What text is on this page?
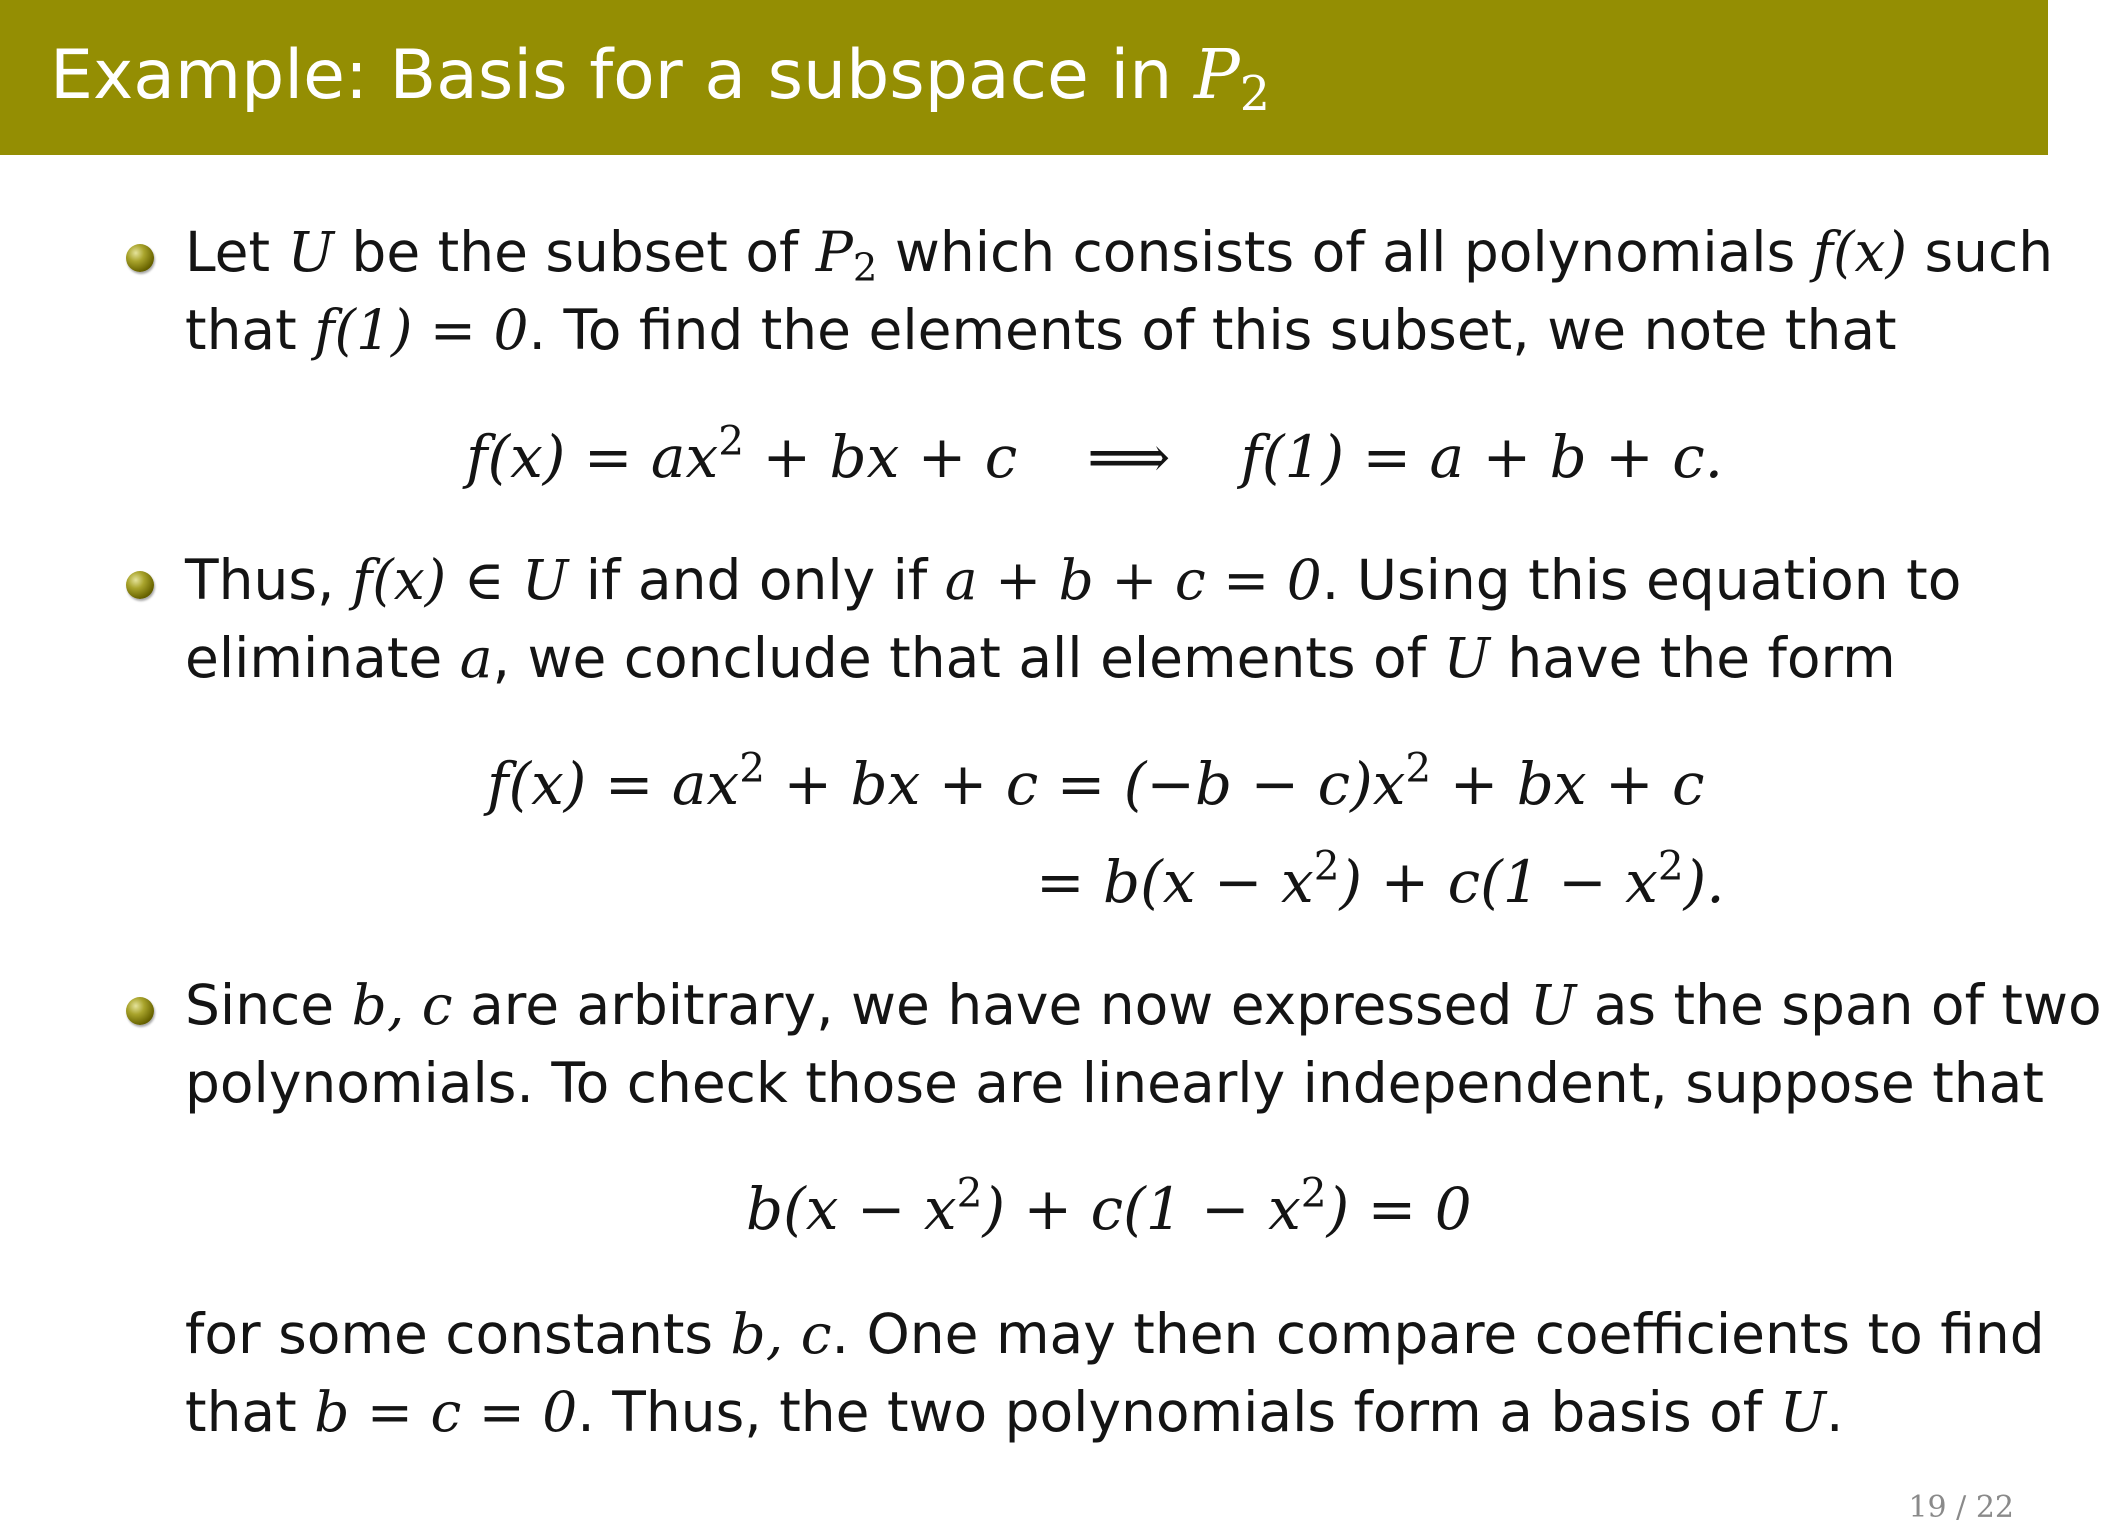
Example: Basis for a subspace in $P_2$
Let U be the subset of $P_2$ which consists of all polynomials f(x) such
that f(1) = 0. To find the elements of this subset, we note that
$f(x) = ax^2$ + bx + c ⟹ f(1) = a + b + c.
Thus, f(x) ∈ U if and only if a + b + c = 0. Using this equation to
eliminate a, we conclude that all elements of U have the form
$f(x) = ax^2$ + bx + $c = (-b - c)x^2$ + bx + c
= $b(x - x^2) + c(1 - x^2)$.
Since b, c are arbitrary, we have now expressed U as the span of two
polynomials. To check those are linearly independent, suppose that
$b(x - x^2) + c(1 - x^2) = 0$
for some constants b, c. One may then compare coefficients to find
that b = c = 0. Thus, the two polynomials form a basis of U.
19 / 22
